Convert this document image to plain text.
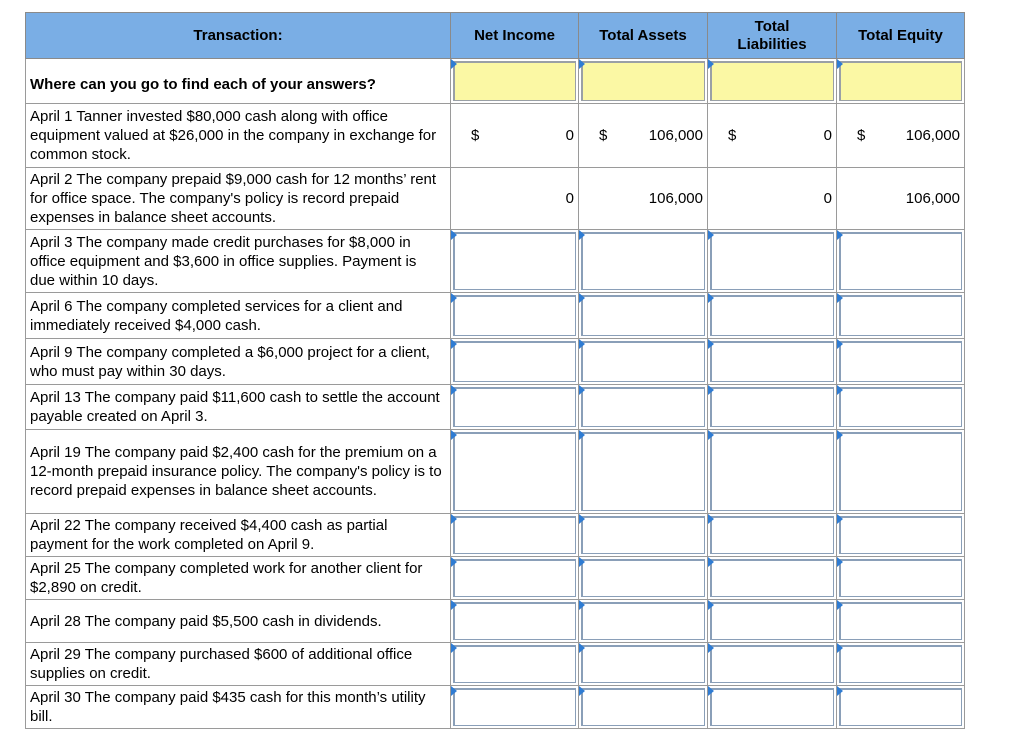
Transaction:	Net Income	Total Assets	Total Liabilities	Total Equity
Where can you go to find each of your answers?	

April 1 Tanner invested $80,000 cash along with office equipment valued at $26,000 in the company in exchange for common stock.	$ 0	$ 106,000	$ 0	$ 106,000

April 2 The company prepaid $9,000 cash for 12 months’ rent for office space. The company's policy is record prepaid expenses in balance sheet accounts.	0	106,000	0	106,000

April 3 The company made credit purchases for $8,000 in office equipment and $3,600 in office supplies. Payment is due within 10 days.	

April 6 The company completed services for a client and immediately received $4,000 cash.	

April 9 The company completed a $6,000 project for a client, who must pay within 30 days.	

April 13 The company paid $11,600 cash to settle the account payable created on April 3.	

April 19 The company paid $2,400 cash for the premium on a 12-month prepaid insurance policy. The company's policy is to record prepaid expenses in balance sheet accounts.	

April 22 The company received $4,400 cash as partial payment for the work completed on April 9.	

April 25 The company completed work for another client for $2,890 on credit.	

April 28 The company paid $5,500 cash in dividends.	

April 29 The company purchased $600 of additional office supplies on credit.	

April 30 The company paid $435 cash for this month’s utility bill.	
